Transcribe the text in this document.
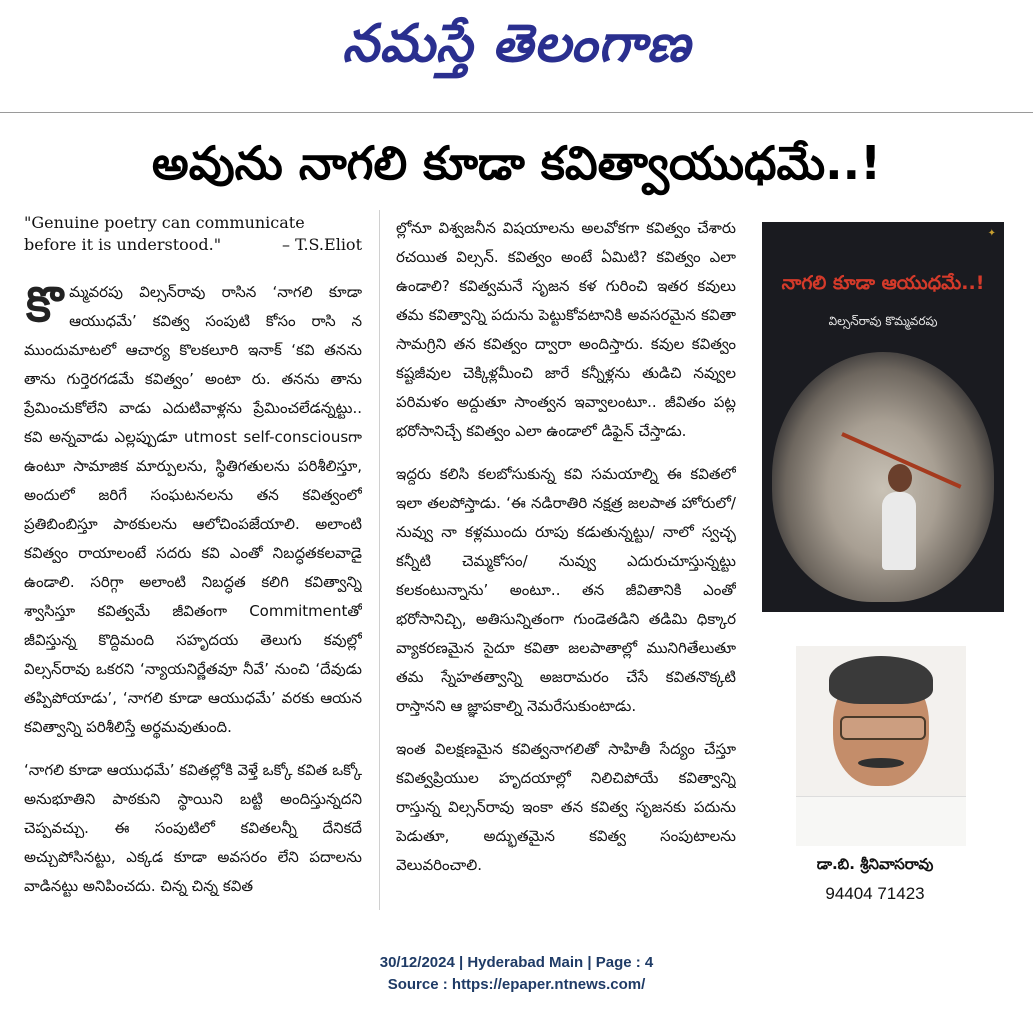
నమస్తే తెలంగాణ
అవును నాగలి కూడా కవిత్వాయుధమే..!

"Genuine poetry can communicate before it is understood."	– T.S.Eliot

కొ మ్మవరపు విల్సన్‌రావు రాసిన ‘నాగలి కూడా ఆయుధమే’ కవిత్వ సంపుటి కోసం రాసి న ముందుమాటలో ఆచార్య కొలకలూరి ఇనాక్ ‘కవి తనను తాను గుర్తెరగడమే కవిత్వం’ అంటా రు. తనను తాను ప్రేమించుకోలేని వాడు ఎదుటివాళ్లను ప్రేమించలేడన్నట్టు.. కవి అన్నవాడు ఎల్లప్పుడూ utmost self-consciousగా ఉంటూ సామాజిక మార్పులను, స్థితిగతులను పరిశీలిస్తూ, అందులో జరిగే సంఘటనలను తన కవిత్వంలో ప్రతిబింబిస్తూ పాఠకులను ఆలోచింపజేయాలి. అలాంటి కవిత్వం రాయాలంటే సదరు కవి ఎంతో నిబద్ధతకలవాడై ఉండాలి. సరిగ్గా అలాంటి నిబద్ధత కలిగి కవిత్వాన్ని శ్వాసిస్తూ కవిత్వమే జీవితంగా Commitmentతో జీవిస్తున్న కొద్దిమంది సహృదయ తెలుగు కవుల్లో విల్సన్‌రావు ఒకరని ‘న్యాయనిర్ణేతవూ నీవే’ నుంచి ‘దేవుడు తప్పిపోయాడు’, ‘నాగలి కూడా ఆయుధమే’ వరకు ఆయన కవిత్వాన్ని పరిశీలిస్తే అర్థమవుతుంది.

‘నాగలి కూడా ఆయుధమే’ కవితల్లోకి వెళ్తే ఒక్కో కవిత ఒక్కో అనుభూతిని పాఠకుని స్థాయిని బట్టి అందిస్తున్నదని చెప్పవచ్చు. ఈ సంపుటిలో కవితలన్నీ దేనికదే అచ్చుపోసినట్టు, ఎక్కడ కూడా అవసరం లేని పదాలను వాడినట్టు అనిపించదు. చిన్న చిన్న కవిత

ల్లోనూ విశ్వజనీన విషయాలను అలవోకగా కవిత్వం చేశారు రచయిత విల్సన్. కవిత్వం అంటే ఏమిటి? కవిత్వం ఎలా ఉండాలి? కవిత్వమనే సృజన కళ గురించి ఇతర కవులు తమ కవిత్వాన్ని పదును పెట్టుకోవటానికి అవసరమైన కవితా సామగ్రిని తన కవిత్వం ద్వారా అందిస్తారు. కవుల కవిత్వం కష్టజీవుల చెక్కిళ్లమీంచి జారే కన్నీళ్లను తుడిచి నవ్వుల పరిమళం అద్దుతూ సాంత్వన ఇవ్వాలంటూ.. జీవితం పట్ల భరోసానిచ్చే కవిత్వం ఎలా ఉండాలో డిఫైన్ చేస్తాడు.

ఇద్దరు కలిసి కలబోసుకున్న కవి సమయాల్ని ఈ కవితలో ఇలా తలపోస్తాడు. ‘ఈ నడిరాతిరి నక్షత్ర జలపాత హోరులో/ నువ్వు నా కళ్లముందు రూపు కడుతున్నట్టు/ నాలో స్వచ్ఛ కన్నీటి చెమ్మకోసం/ నువ్వు ఎదురుచూస్తున్నట్టు కలకంటున్నాను’ అంటూ.. తన జీవితానికి ఎంతో భరోసానిచ్చి, అతిసున్నితంగా గుండెతడిని తడిమి ధిక్కార వ్యాకరణమైన సైదూ కవితా జలపాతాల్లో మునిగితేలుతూ తమ స్నేహతత్వాన్ని అజరామరం చేసే కవితనొక్కటి రాస్తానని ఆ జ్ఞాపకాల్ని నెమరేసుకుంటాడు.

ఇంత విలక్షణమైన కవిత్వనాగలితో సాహితీ సేద్యం చేస్తూ కవిత్వప్రియుల హృదయాల్లో నిలిచిపోయే కవిత్వాన్ని రాస్తున్న విల్సన్‌రావు ఇంకా తన కవిత్వ సృజనకు పదును పెడుతూ, అద్భుతమైన కవిత్వ సంపుటాలను వెలువరించాలి.

✦
నాగలి కూడా ఆయుధమే..!
విల్సన్‌రావు కొమ్మవరపు
డా.బి. శ్రీనివాసరావు
94404 71423
30/12/2024 | Hyderabad Main | Page : 4
Source : https://epaper.ntnews.com/
